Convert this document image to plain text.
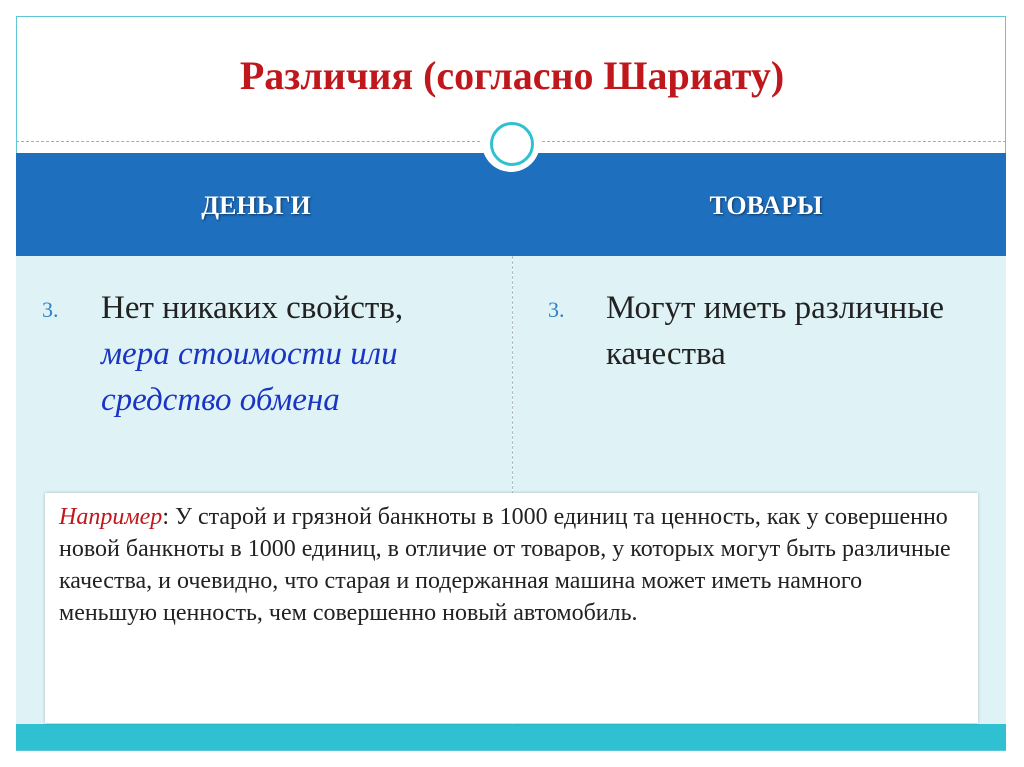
Различия (согласно Шариату)
ДЕНЬГИ	ТОВАРЫ
3. Нет никаких свойств, мера стоимости или средство обмена
3. Могут иметь различные качества
Например: У старой и грязной банкноты в 1000 единиц та ценность, как у совершенно новой банкноты в 1000 единиц, в отличие от товаров, у которых могут быть различные качества, и очевидно, что старая и подержанная машина может иметь намного меньшую ценность, чем совершенно новый автомобиль.
